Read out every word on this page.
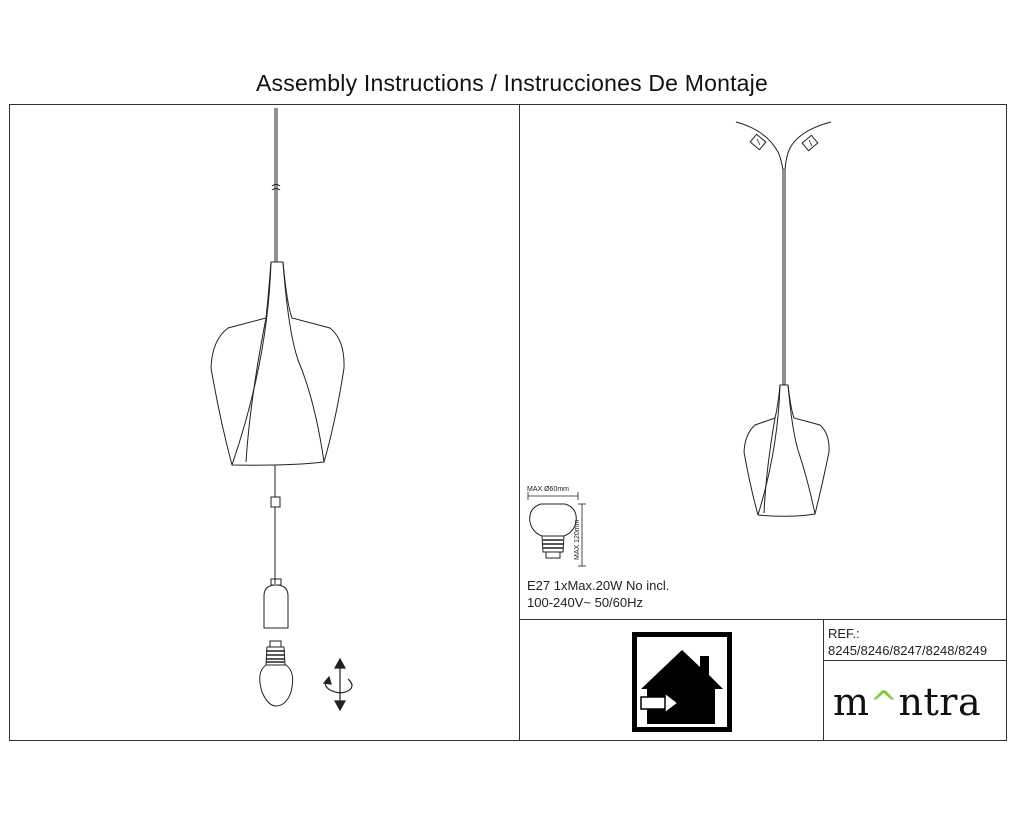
Assembly Instructions / Instrucciones De Montaje
MAX Ø60mm
MAX 120mm
E27 1xMax.20W No incl.
100-240V~ 50/60Hz
REF.:
8245/8246/8247/8248/8249
m^ntra
